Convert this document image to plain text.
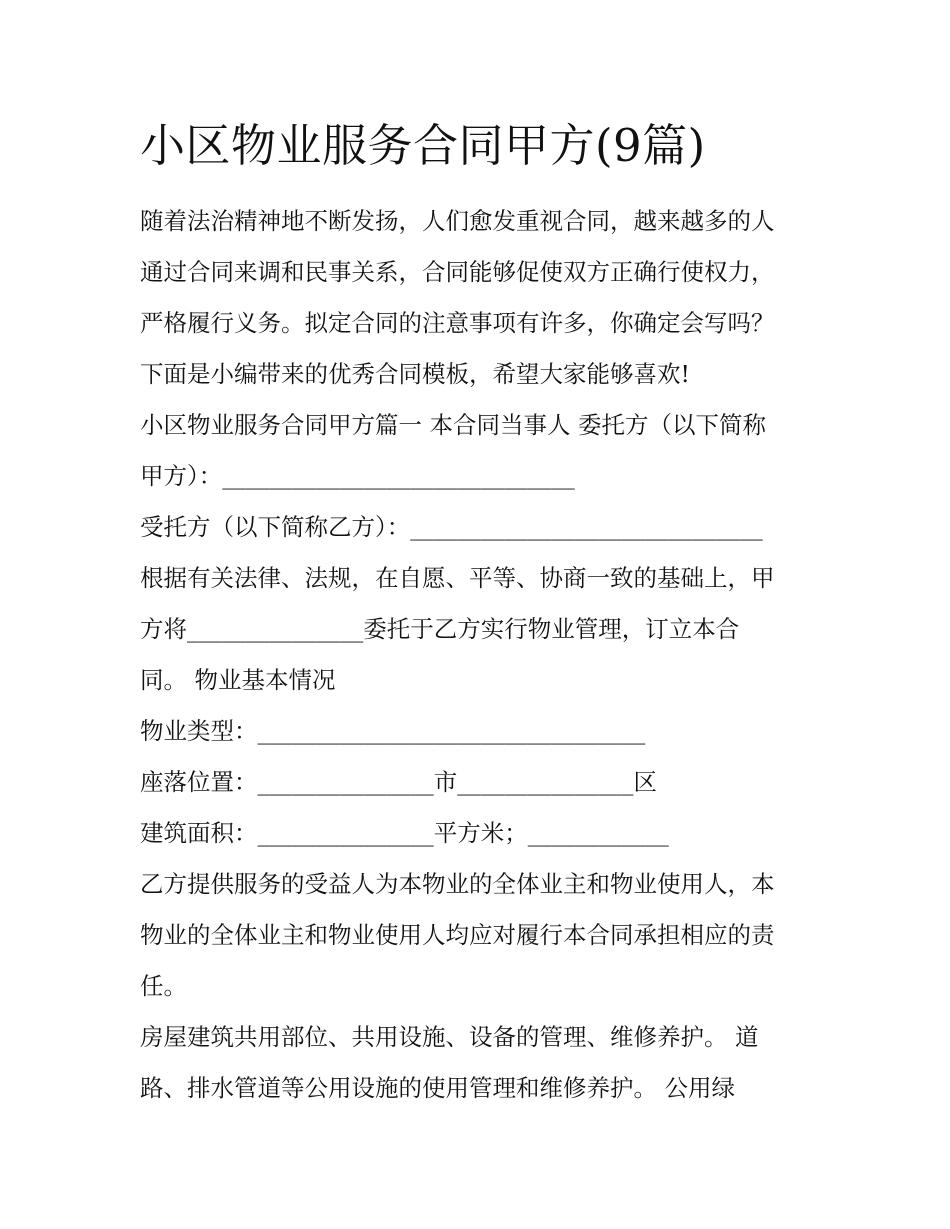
小区物业服务合同甲方(9篇)

随着法治精神地不断发扬，人们愈发重视合同，越来越多的人

通过合同来调和民事关系，合同能够促使双方正确行使权力，

严格履行义务。拟定合同的注意事项有许多，你确定会写吗？

下面是小编带来的优秀合同模板，希望大家能够喜欢!

小区物业服务合同甲方篇一 本合同当事人 委托方（以下简称

甲方）：______________________________

受托方（以下简称乙方）：______________________________

根据有关法律、法规，在自愿、平等、协商一致的基础上，甲

方将_______________委托于乙方实行物业管理，订立本合

同。 物业基本情况

物业类型：_________________________________

座落位置：_______________市_______________区

建筑面积：_______________平方米；____________

乙方提供服务的受益人为本物业的全体业主和物业使用人，本

物业的全体业主和物业使用人均应对履行本合同承担相应的责

任。

房屋建筑共用部位、共用设施、设备的管理、维修养护。 道

路、排水管道等公用设施的使用管理和维修养护。 公用绿
